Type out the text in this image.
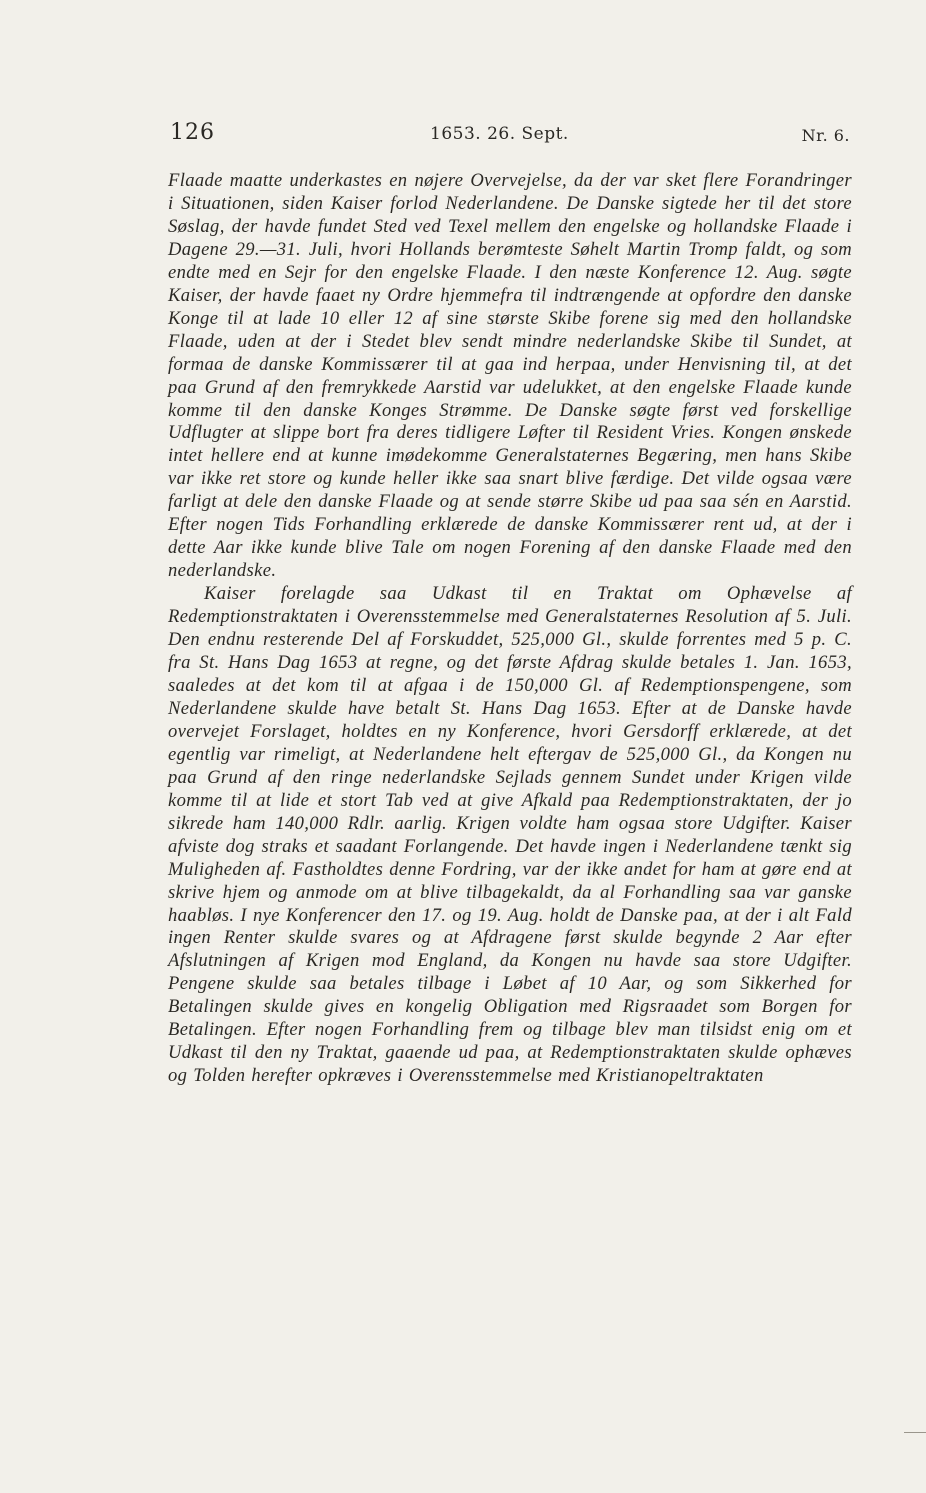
126	1653. 26. Sept.	Nr. 6.

Flaade maatte underkastes en nøjere Overvejelse, da der var sket flere Forandringer i Situationen, siden Kaiser forlod Nederlandene. De Danske sigtede her til det store Søslag, der havde fundet Sted ved Texel mellem den engelske og hollandske Flaade i Dagene 29.—31. Juli, hvori Hollands berømteste Søhelt Martin Tromp faldt, og som endte med en Sejr for den engelske Flaade. I den næste Konference 12. Aug. søgte Kaiser, der havde faaet ny Ordre hjemmefra til indtrængende at opfordre den danske Konge til at lade 10 eller 12 af sine største Skibe forene sig med den hollandske Flaade, uden at der i Stedet blev sendt mindre nederlandske Skibe til Sundet, at formaa de danske Kommissærer til at gaa ind herpaa, under Henvisning til, at det paa Grund af den fremrykkede Aarstid var udelukket, at den engelske Flaade kunde komme til den danske Konges Strømme. De Danske søgte først ved forskellige Udflugter at slippe bort fra deres tidligere Løfter til Resident Vries. Kongen ønskede intet hellere end at kunne imødekomme Generalstaternes Begæring, men hans Skibe var ikke ret store og kunde heller ikke saa snart blive færdige. Det vilde ogsaa være farligt at dele den danske Flaade og at sende større Skibe ud paa saa sén en Aarstid. Efter nogen Tids Forhandling erklærede de danske Kommissærer rent ud, at der i dette Aar ikke kunde blive Tale om nogen Forening af den danske Flaade med den nederlandske.

Kaiser forelagde saa Udkast til en Traktat om Ophævelse af Redemptionstraktaten i Overensstemmelse med Generalstaternes Resolution af 5. Juli. Den endnu resterende Del af Forskuddet, 525,000 Gl., skulde forrentes med 5 p. C. fra St. Hans Dag 1653 at regne, og det første Afdrag skulde betales 1. Jan. 1653, saaledes at det kom til at afgaa i de 150,000 Gl. af Redemptionspengene, som Nederlandene skulde have betalt St. Hans Dag 1653. Efter at de Danske havde overvejet Forslaget, holdtes en ny Konference, hvori Gersdorff erklærede, at det egentlig var rimeligt, at Nederlandene helt eftergav de 525,000 Gl., da Kongen nu paa Grund af den ringe nederlandske Sejlads gennem Sundet under Krigen vilde komme til at lide et stort Tab ved at give Afkald paa Redemptionstraktaten, der jo sikrede ham 140,000 Rdlr. aarlig. Krigen voldte ham ogsaa store Udgifter. Kaiser afviste dog straks et saadant Forlangende. Det havde ingen i Nederlandene tænkt sig Muligheden af. Fastholdtes denne Fordring, var der ikke andet for ham at gøre end at skrive hjem og anmode om at blive tilbagekaldt, da al Forhandling saa var ganske haabløs. I nye Konferencer den 17. og 19. Aug. holdt de Danske paa, at der i alt Fald ingen Renter skulde svares og at Afdragene først skulde begynde 2 Aar efter Afslutningen af Krigen mod England, da Kongen nu havde saa store Udgifter. Pengene skulde saa betales tilbage i Løbet af 10 Aar, og som Sikkerhed for Betalingen skulde gives en kongelig Obligation med Rigsraadet som Borgen for Betalingen. Efter nogen Forhandling frem og tilbage blev man tilsidst enig om et Udkast til den ny Traktat, gaaende ud paa, at Redemptionstraktaten skulde ophæves og Tolden herefter opkræves i Overensstemmelse med Kristianopeltraktaten
